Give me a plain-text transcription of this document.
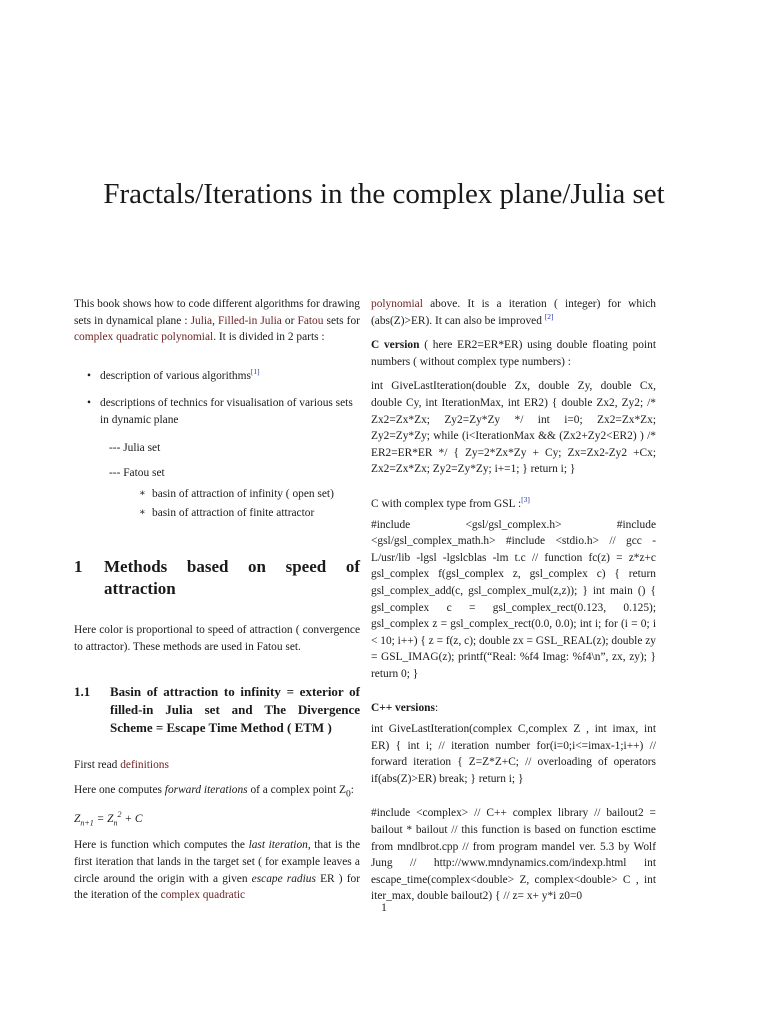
Fractals/Iterations in the complex plane/Julia set

This book shows how to code different algorithms for drawing sets in dynamical plane : Julia, Filled-in Julia or Fatou sets for complex quadratic polynomial. It is divided in 2 parts :

• description of various algorithms[1]
• descriptions of technics for visualisation of various sets in dynamic plane
--- Julia set
--- Fatou set
∗ basin of attraction of infinity ( open set)
∗ basin of attraction of finite attractor
1	Methods based on speed of attraction

Here color is proportional to speed of attraction ( convergence to attractor). These methods are used in Fatou set.

1.1	Basin of attraction to infinity = exterior of filled-in Julia set and The Divergence Scheme = Escape Time Method ( ETM )

First read definitions

Here one computes forward iterations of a complex point $Z_0$:

$Z_{n+1} = Z_n^2 + C$

Here is function which computes the last iteration, that is the first iteration that lands in the target set ( for example leaves a circle around the origin with a given escape radius ER ) for the iteration of the complex quadratic

polynomial above. It is a iteration ( integer) for which (abs(Z)>ER). It can also be improved [2]

C version ( here ER2=ER*ER) using double floating point numbers ( without complex type numbers) :

int GiveLastIteration(double Zx, double Zy, double Cx, double Cy, int IterationMax, int ER2) { double Zx2, Zy2; /* Zx2=Zx*Zx; Zy2=Zy*Zy */ int i=0; Zx2=Zx*Zx; Zy2=Zy*Zy; while (i<IterationMax && (Zx2+Zy2<ER2) ) /* ER2=ER*ER */ { Zy=2*Zx*Zy + Cy; Zx=Zx2-Zy2 +Cx; Zx2=Zx*Zx; Zy2=Zy*Zy; i+=1; } return i; }

C with complex type from GSL :[3]

#include <gsl/gsl_complex.h> #include <gsl/gsl_complex_math.h> #include <stdio.h> // gcc -L/usr/lib -lgsl -lgslcblas -lm t.c // function fc(z) = z*z+c gsl_complex f(gsl_complex z, gsl_complex c) { return gsl_complex_add(c, gsl_complex_mul(z,z)); } int main () { gsl_complex c = gsl_complex_rect(0.123, 0.125); gsl_complex z = gsl_complex_rect(0.0, 0.0); int i; for (i = 0; i < 10; i++) { z = f(z, c); double zx = GSL_REAL(z); double zy = GSL_IMAG(z); printf(“Real: %f4 Imag: %f4\n”, zx, zy); } return 0; }

C++ versions:

int GiveLastIteration(complex C,complex Z , int imax, int ER) { int i; // iteration number for(i=0;i<=imax-1;i++) // forward iteration { Z=Z*Z+C; // overloading of operators if(abs(Z)>ER) break; } return i; }

#include <complex> // C++ complex library // bailout2 = bailout * bailout // this function is based on function esctime from mndlbrot.cpp // from program mandel ver. 5.3 by Wolf Jung // http://www.mndynamics.com/indexp.html int escape_time(complex<double> Z, complex<double> C , int iter_max, double bailout2) { // z= x+ y*i z0=0

1
